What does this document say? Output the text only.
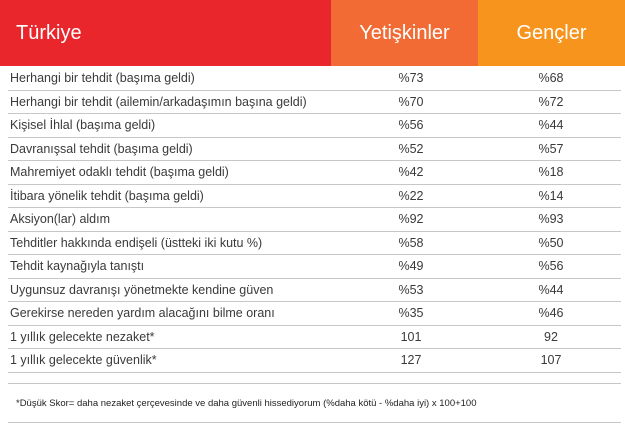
Türkiye	Yetişkinler	Gençler
Herhangi bir tehdit (başıma geldi)	%73	%68
Herhangi bir tehdit (ailemin/arkadaşımın başına geldi)	%70	%72
Kişisel İhlal (başıma geldi)	%56	%44
Davranışsal tehdit (başıma geldi)	%52	%57
Mahremiyet odaklı tehdit (başıma geldi)	%42	%18
İtibara yönelik tehdit (başıma geldi)	%22	%14
Aksiyon(lar) aldım	%92	%93
Tehditler hakkında endişeli (üstteki iki kutu %)	%58	%50
Tehdit kaynağıyla tanıştı	%49	%56
Uygunsuz davranışı yönetmekte kendine güven	%53	%44
Gerekirse nereden yardım alacağını bilme oranı	%35	%46
1 yıllık gelecekte nezaket*	101	92
1 yıllık gelecekte güvenlik*	127	107
*Düşük Skor= daha nezaket çerçevesinde ve daha güvenli hissediyorum (%daha kötü - %daha iyi) x 100+100
